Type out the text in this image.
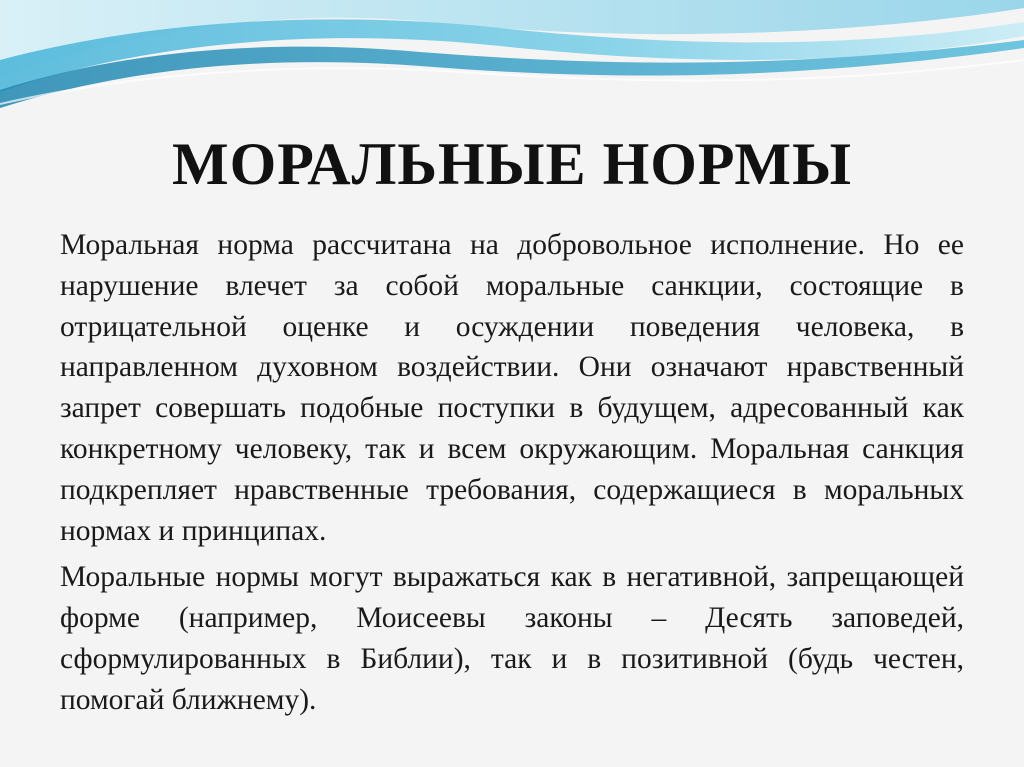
МОРАЛЬНЫЕ НОРМЫ

Моральная норма рассчитана на добровольное исполнение. Но ее нарушение влечет за собой моральные санкции, состоящие в отрицательной оценке и осуждении поведения человека, в направленном духовном воздействии. Они означают нравственный запрет совершать подобные поступки в будущем, адресованный как конкретному человеку, так и всем окружающим. Моральная санкция подкрепляет нравственные требования, содержащиеся в моральных нормах и принципах.

Моральные нормы могут выражаться как в негативной, запрещающей форме (например, Моисеевы законы – Десять заповедей, сформулированных в Библии), так и в позитивной (будь честен, помогай ближнему).
